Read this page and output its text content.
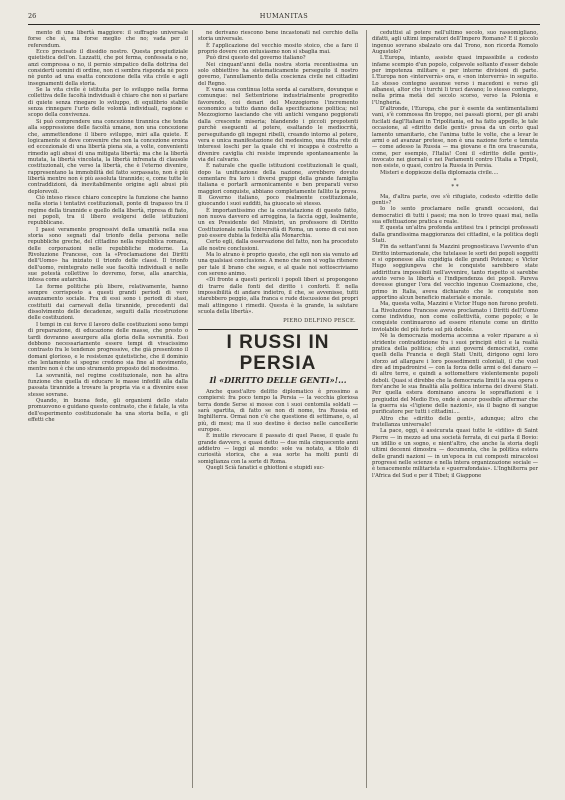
26	HUMANITAS

mento di una libertà maggiore: il suffragio universale forse che sì, ma forse meglio che no; vada per il referendum.

Ecco precisato il dissidio nostro. Questa pregiudiziale quietistica dell'on. Luzzatti, che poi ferma, confessata o no, anzi compressa o no, il pernio simpatico della dottrina del considerti uomini di ordine, non ci sembra risponda nè poco nè punto ad una esatta concezione della vita civile e agli insegnamenti della storia.

Se la vita civile è istituita per lo sviluppo nella forma collettiva delle facoltà individuali è chiaro che non si parlare di quiete senza rinegare lo sviluppo, di equilibrio stabile senza rinnegare l'urto delle volontà individuali, ragione e scopo della convivenza.

Si può comprendere una concezione tirannica che tenda alla soppressione delle facoltà umane, non una concezione che, ammettendone il libero sviluppo, miri alla quiete. E logicamente si deve convenire che non la concezione eroica ed eccezionale di una libertà piena sia, a volte, convenienti rimedio agli abusi di una mitigata libertà; ma che la libertà mutata, la libertà vincolata, la libertà infrenata di clausole costituzionali, che verso la libertà, che è l'eterno divenire, rappresentano la immobilità del fatto sorpassato, non è più libertà mentre non è più assoluta tirannide; e, come tutte le contraddizioni, dà inevitabilmente origine agli abusi più deplorevoli.

Ciò inteso riesce chiaro concepire la funzione che hanno nella storia i tentativi costituzionali, ponte di trapasso tra il regime della tirannide e quello della libertà, ripresa di fiato, nei popoli, tra il libero svolgersi delle istituzioni repubblicane.

I passi veramente progressivi della umanità nella sua storia sono segnati dal trionfo della persona nelle repubbliche greche, del cittadino nella repubblica romana, delle corporazioni nelle repubbliche moderne. La Rivoluzione Francese, con la «Proclamazione dei Diritti dell'Uomo» ha iniziato il trionfo delle classi. Il trionfo dell'uomo, reintegrato nelle sue facoltà individuali e nelle sue potestà collettive lo dovremo, forse, alla anarchia, intesa come autarchia.

Le forme politiche più libere, relativamente, hanno sempre corrisposto a questi grandi periodi di vero avanzamento sociale. Fra di essi sono i periodi di stasi, costituiti dai carnevali della tirannide, precedenti dal dissolvimento delle decadenze, seguiti dalla ricostruzione delle costituzioni.

I tempi in cui ferve il lavoro delle costituzioni sono tempi di preparazione, di educazione delle masse, che presto o tardi dovranno assurgere alla gloria della sovranità. Essi debbono necessariamente essere tempi di vivacissimo contrasto fra le tendenze progressive, che già presentono il domani glorioso, e le resistenze quietistiche, che il dominio che lentamente si spegne credono sia fine al movimento, mentre non è che uno strumento proposto del modesimo.

La sovranità, nel regime costituzionale, non ha altra funzione che quella di educare le masse infedili alla dalla passata tirannide a trovare la propria via e a divenire esse stesse sovrane.

Quando, in buona fede, gli organismi dello stato promuovono e guidano questo contrasto, che è fatale, la vita dell'esperimento costituzionale ha una storia bella, e gli effetti che

ne derivano riescono bene incastonati nel cerchio della storia universale.

È l'applicazione del vecchio mosito stoico, che a fare il proprio dovere con entusiasmo non si sbaglia mai.

Può dirsi questo del governo italiano?

Nei cinquant'anni della nostra storia recentissima un solo obbiettivo ha sistematicamente perseguito il nostro governo, l'annullamento della coscienza civile nei cittadini del Regno.

E vana sua continua lotta sorda al carattere, dovunque e comunque: nel Settentrione industrialmente progredito favorendo, coi denari del Mezzogiorno l'incremento economico a tutto danno della specificazione politica; nel Mezzogiorno lasciando che viti antichi vengano peggiorati dalla crescente miseria; blandendo i piccoli prepotenti purchè eseguenti al potere, esaltando le mediocrità, perseguitando gli ingegni ribelli, creando intorno al potere, vera e unica manifestazione del medesimo, una fitta rete di interessi loschi per la quale chi vi incappa è costretto a divenire caviglia chi resiste imprende spontaneamente la via del calvario.

È naturale che quelle istituzioni costituzionali le quali, dopo la unificazione della nazione, avrebbero dovuto cementare fra loro i diversi gruppi della grande famiglia italiana e portarli armonicamente e ben preparati verso maggiori conquiste, abbiano completamente fallito la prova. Il Governo italiano, poco realmente costituzionale, giuocando i suoi sudditi, ha giuocato sè stesso.

È importantissimo che la constatazione di questo fatto, non nuova davvero ed arreggina, la faccia oggi, lealmente, un ex Presidente del Ministri, un professore di Diritto Costituzionale nella Università di Roma, un uomo di cui non può essere dubia la fedeltà alla Monarchia.

Certo egli, dalla osservazione del fatto, non ha proceduto alle nostre conclusioni.

Ma lo atrano è proprio questo, che egli non sia venuto ad una qualsiasi conclusione. A meno che non si voglia ritenere per tale il brano che segue, e al quale noi sottoscriviamo con sereno animo.

«Di fronte a questi pericoli i popoli liberi si propongono di trarre dalle fonti del diritto i conforti. È nella impossibilità di andare indietro, il che, se avvenisse, tutti starebbero peggio, alla franca e rude discussione dei propri mali attingono i rimedii. Questa è la grande, la salutare scuola della libertà».

PIERO DELFINO PESCE.
I RUSSI IN PERSIA
Il «DIRITTO DELLE GENTI»!...

Anche quest'altro delitto diplomatico è prossimo a compiersi: fra poco tempo la Persia — la vecchia gloriosa terra donde Serse si mosse con i suoi centomila soldati — sarà spartita, di fatto se non di nome, tra Russia ed Inghilterra. Ormai non c'è che questione di settimane, o, al più, di mesi; ma il suo destino è deciso nelle cancellerie europee.

È inutile rievocare il passato di quel Paese, il quale fu grande davvero, e quasi detto — due mila cinquecento anni addietro — leggi al mondo: sole va notato, a titolo di curiosità storica, che a sua sorte ha molti punti di somiglianza con la sorte di Roma.

Quegli Scià fanatici e ghiottoni e stupidi suc-

ceduttisi al potere nell'ultimo secolo, suo rassomigliano, difatti, agli ultimi imperatori dell'Impero Romano? E il piccolo ingenuo sovrano sbalzato ora dal Trono, non ricorda Romolo Augustolo?

L'Europa, intanto, assiste quasi impassibile a codesto infame scempio d'un popolo, colpevole soltanto d'esser debole per impotenza militare e per interne divisioni di parte. L'Europa non «interverrà» ora, e «non interverrà» in seguito. Lo stesso contegno assunse verso i macedoni e verso gli albanesi, altor che i turchi li truci davano; lo stesso contegno, nella prima metà del secolo scorso, verso la Polonia e l'Ungheria.

D'altronde, l'Europa, che pur è esente da sentimentalismi vani, s'è commossa fin troppo, nei passati giorni, per gli arabi fucilati dagl'Italiani in Tripolitania, ed ha fatto appello, le tale occasione, al «diritto delle genti» presa da un certo qual lamento umanitario, che l'anima tutte le volte, che a levar le armi o ad avanzar pretese, non è una nazione forte e temuta — come adesso la Russia — ma giovane e fin ora trascurata, come, per esempio, l'Italia! Coni il «diritto delle genti», invocato nei giornali e nei Parlamenti contro l'Italia a Tripoli, non esiste, o quasi, contro la Russia in Persia.

Misteri e doppiezze della diplomazia civile....

*
* *

Ma, d'altra parte, ove s'è rifugiato, codesto «diritto delle genti»?

Io lo sento proclamare nelle grandi occasioni, dai democratici di tutti i paesi; ma non lo trovo quasi mai, nella sua effettuazione pratica e reale.

E questa un'altra profonda antitesi tra i principi professati dalla grandissima maggioranza dei cittadini, e la politica degli Stati.

Fin da settant'anni fa Mazzini prognosticava l'avvento d'un Diritto internazionale, che tutelasse le sorti dei popoli soggetti e si opponesse alla cupidigia delle grandi Potenze; e Victor Hugo soggiungeva che le conquiste sarebbero state addirittura impossibili nell'avvenire, tanto rispetto si sarebbe avuto verso la libertà e l'indipendenza dei popoli. Pareva dovesse giunger l'ora del vecchio ingenuo Cosmazione, che, primo in Italia, aveva dichiarato che le conquiste non apportino alcun beneficio materiale e morale.

Ma, questa volta, Mazzini e Victor Hugo non furono profeti. La Rivoluzione Francese aveva proclamato i Diritti dell'Uomo come individuo, non come collettività, come popolo; e le conquiste continuarono ad essere ritenute come un diritto inviolabile del più forte sul più debole.

Nè la democrazia moderna accenna a voler riparare a sì stridente contraddizione fra i suoi principii etici e la realtà pratica della politica; chè anzi governi democratici, come quelli della Francia e degli Stati Uniti, dirigono ogni loro sforzo ad allargare i loro possedimenti coloniali, il che vuol dire ad impadronirsi — con la forza delle armi o del danaro — di altre terre, e quindi a sottomettere violentemente popoli deboli. Quasi si direbbe che la democrazia limiti la sua opera o fors'anche le sua finalità alla politica interna dei diversi Stati. Per quella estera dominano ancora le sopraffazioni e i pregiudizi del Medio Evo, onde è ancor possibile affermar che la guerra sia «l'igiene delle nazioni», sia il bagno di sangue purificatore per tutti i cittadini....

Altro che «diritto delle genti», adunque; altro che fratellanza universale!

La pace, oggi, è assicurata quasi tutte le «idilio» di Saint Pierre — in mezzo ad una società ferrata, di cui parla il Bovio: un idillio e un sogno, e nient'altro, che anche la storia degli ultimi decenni dimostra — documenta, che la politica estera delle grandi nazioni — in un'epoca in cui composti miracolosi progressi nelle scienze e nella intera organizzazione sociale — è tenacemente militarista e «guerrafondaia». L'Inghilterra per l'Africa del Sud e per il Tibet; il Giappone
